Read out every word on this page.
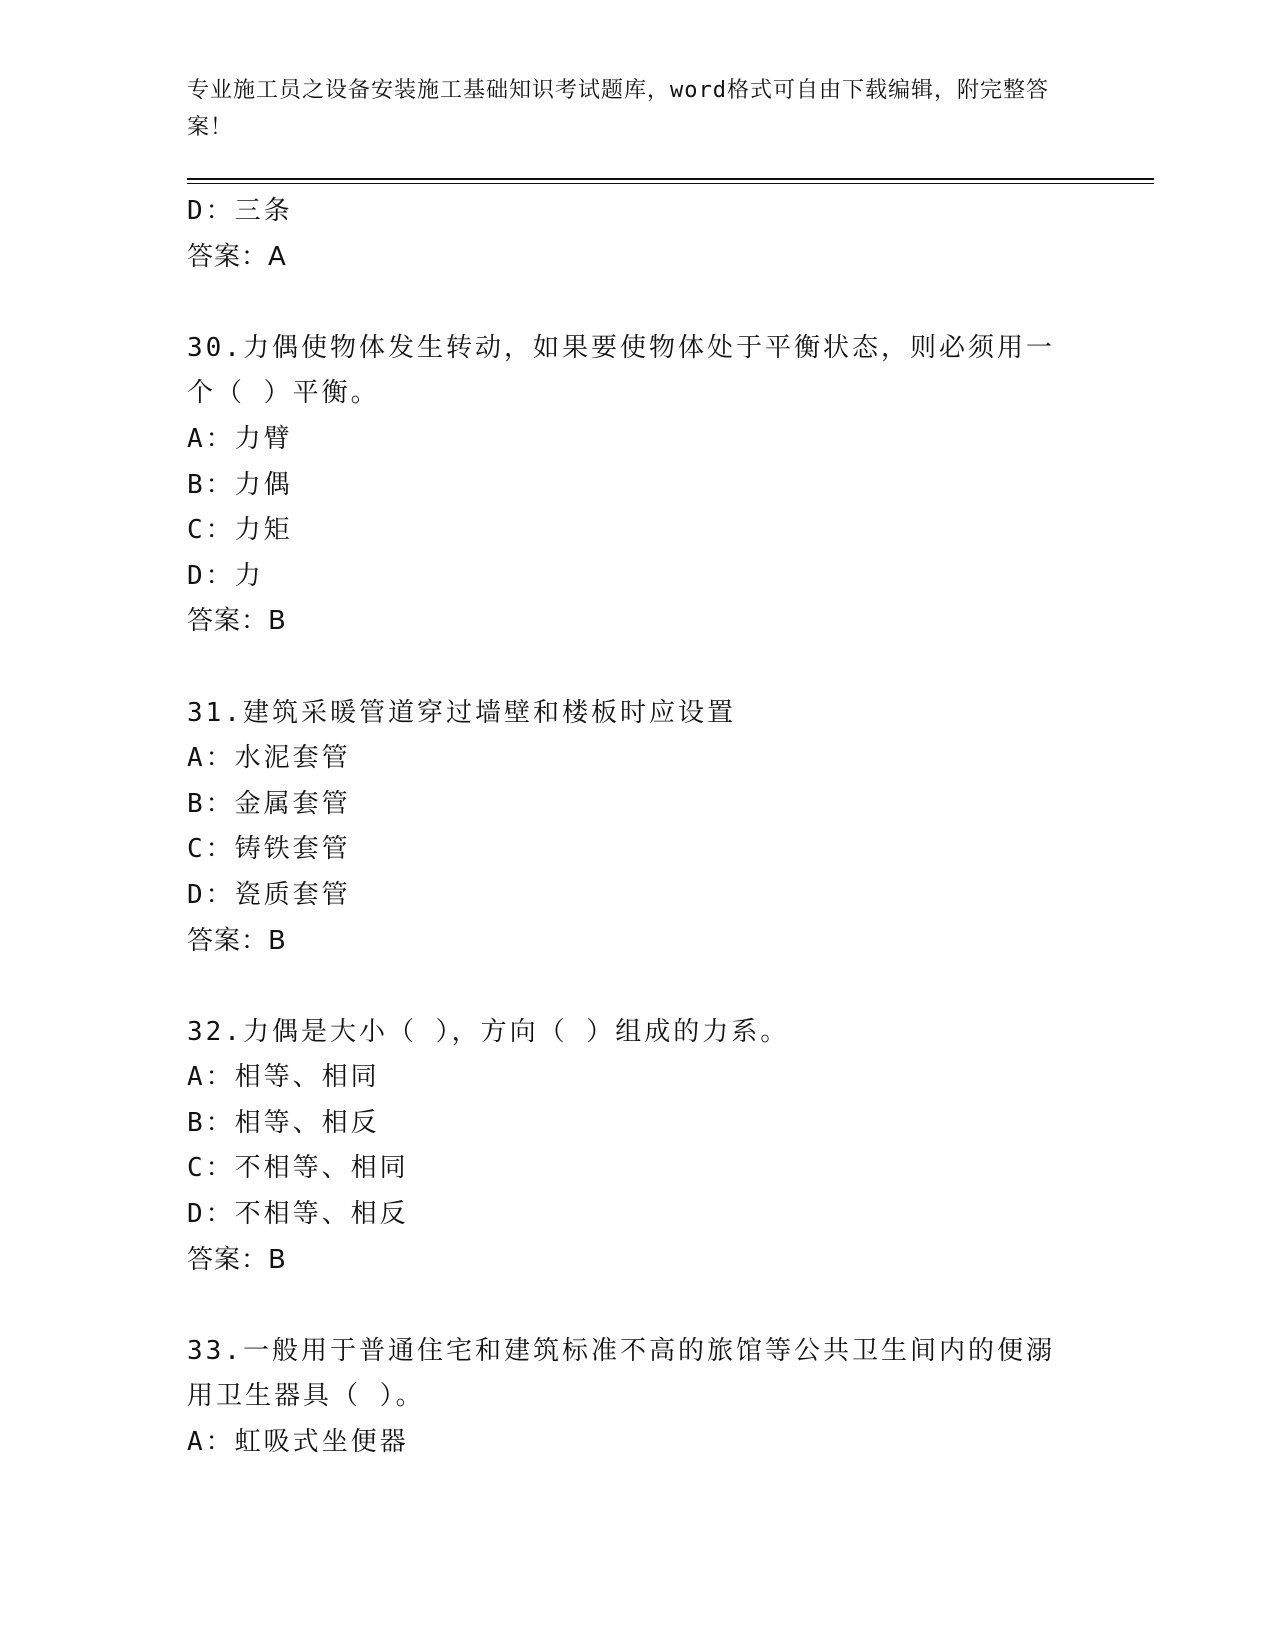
专业施工员之设备安装施工基础知识考试题库，word格式可自由下载编辑，附完整答案！
D：三条
答案：A
30.力偶使物体发生转动，如果要使物体处于平衡状态，则必须用一个（ ）平衡。
A：力臂
B：力偶
C：力矩
D：力
答案：B
31.建筑采暖管道穿过墙壁和楼板时应设置
A：水泥套管
B：金属套管
C：铸铁套管
D：瓷质套管
答案：B
32.力偶是大小（ ），方向（ ）组成的力系。
A：相等、相同
B：相等、相反
C：不相等、相同
D：不相等、相反
答案：B
33.一般用于普通住宅和建筑标准不高的旅馆等公共卫生间内的便溺用卫生器具（ ）。
A：虹吸式坐便器
